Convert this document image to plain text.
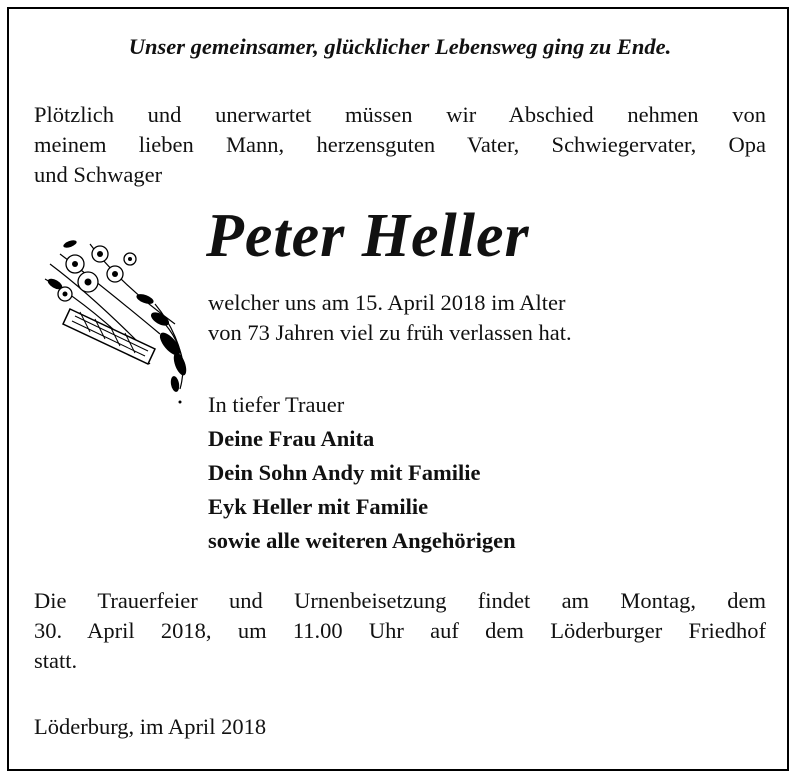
Unser gemeinsamer, glücklicher Lebensweg ging zu Ende.
Plötzlich und unerwartet müssen wir Abschied nehmen von
meinem lieben Mann, herzensguten Vater, Schwiegervater, Opa
und Schwager
Peter Heller
welcher uns am 15. April 2018 im Alter
von 73 Jahren viel zu früh verlassen hat.
In tiefer Trauer
Deine Frau Anita
Dein Sohn Andy mit Familie
Eyk Heller mit Familie
sowie alle weiteren Angehörigen
Die Trauerfeier und Urnenbeisetzung findet am Montag, dem
30. April 2018, um 11.00 Uhr auf dem Löderburger Friedhof
statt.
Löderburg, im April 2018
